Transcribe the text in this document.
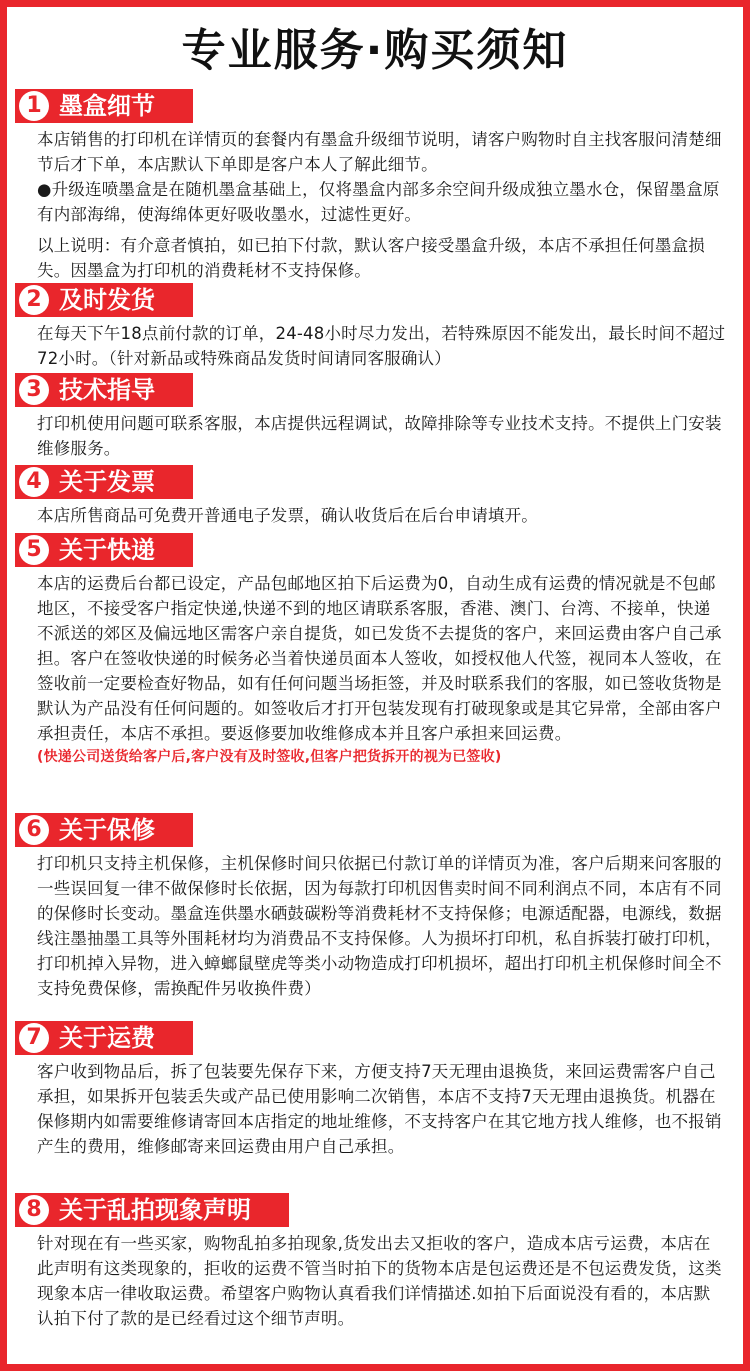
专业服务·购买须知
1 墨盒细节

本店销售的打印机在详情页的套餐内有墨盒升级细节说明，请客户购物时自主找客服问清楚细节后才下单，本店默认下单即是客户本人了解此细节。

●升级连喷墨盒是在随机墨盒基础上，仅将墨盒内部多余空间升级成独立墨水仓，保留墨盒原有内部海绵，使海绵体更好吸收墨水，过滤性更好。

以上说明：有介意者慎拍，如已拍下付款，默认客户接受墨盒升级，本店不承担任何墨盒损失。因墨盒为打印机的消费耗材不支持保修。

2 及时发货

在每天下午18点前付款的订单，24-48小时尽力发出，若特殊原因不能发出，最长时间不超过72小时。（针对新品或特殊商品发货时间请同客服确认）

3 技术指导

打印机使用问题可联系客服，本店提供远程调试，故障排除等专业技术支持。不提供上门安装维修服务。

4 关于发票

本店所售商品可免费开普通电子发票，确认收货后在后台申请填开。

5 关于快递

本店的运费后台都已设定，产品包邮地区拍下后运费为0，自动生成有运费的情况就是不包邮地区，不接受客户指定快递,快递不到的地区请联系客服，香港、澳门、台湾、不接单，快递不派送的郊区及偏远地区需客户亲自提货，如已发货不去提货的客户，来回运费由客户自己承担。客户在签收快递的时候务必当着快递员面本人签收，如授权他人代签，视同本人签收，在签收前一定要检查好物品，如有任何问题当场拒签，并及时联系我们的客服，如已签收货物是默认为产品没有任何问题的。如签收后才打开包装发现有打破现象或是其它异常，全部由客户承担责任，本店不承担。要返修要加收维修成本并且客户承担来回运费。

(快递公司送货给客户后,客户没有及时签收,但客户把货拆开的视为已签收)

6 关于保修

打印机只支持主机保修，主机保修时间只依据已付款订单的详情页为准，客户后期来问客服的一些误回复一律不做保修时长依据，因为每款打印机因售卖时间不同利润点不同，本店有不同的保修时长变动。墨盒连供墨水硒鼓碳粉等消费耗材不支持保修；电源适配器，电源线，数据线注墨抽墨工具等外围耗材均为消费品不支持保修。人为损坏打印机，私自拆装打破打印机，打印机掉入异物，进入蟑螂鼠壁虎等类小动物造成打印机损坏，超出打印机主机保修时间全不支持免费保修，需换配件另收换件费）

7 关于运费

客户收到物品后，拆了包装要先保存下来，方便支持7天无理由退换货，来回运费需客户自己承担，如果拆开包装丢失或产品已使用影响二次销售，本店不支持7天无理由退换货。机器在保修期内如需要维修请寄回本店指定的地址维修，不支持客户在其它地方找人维修，也不报销产生的费用，维修邮寄来回运费由用户自己承担。

8 关于乱拍现象声明

针对现在有一些买家，购物乱拍多拍现象,货发出去又拒收的客户，造成本店亏运费，本店在此声明有这类现象的，拒收的运费不管当时拍下的货物本店是包运费还是不包运费发货，这类现象本店一律收取运费。希望客户购物认真看我们详情描述.如拍下后面说没有看的，本店默认拍下付了款的是已经看过这个细节声明。
